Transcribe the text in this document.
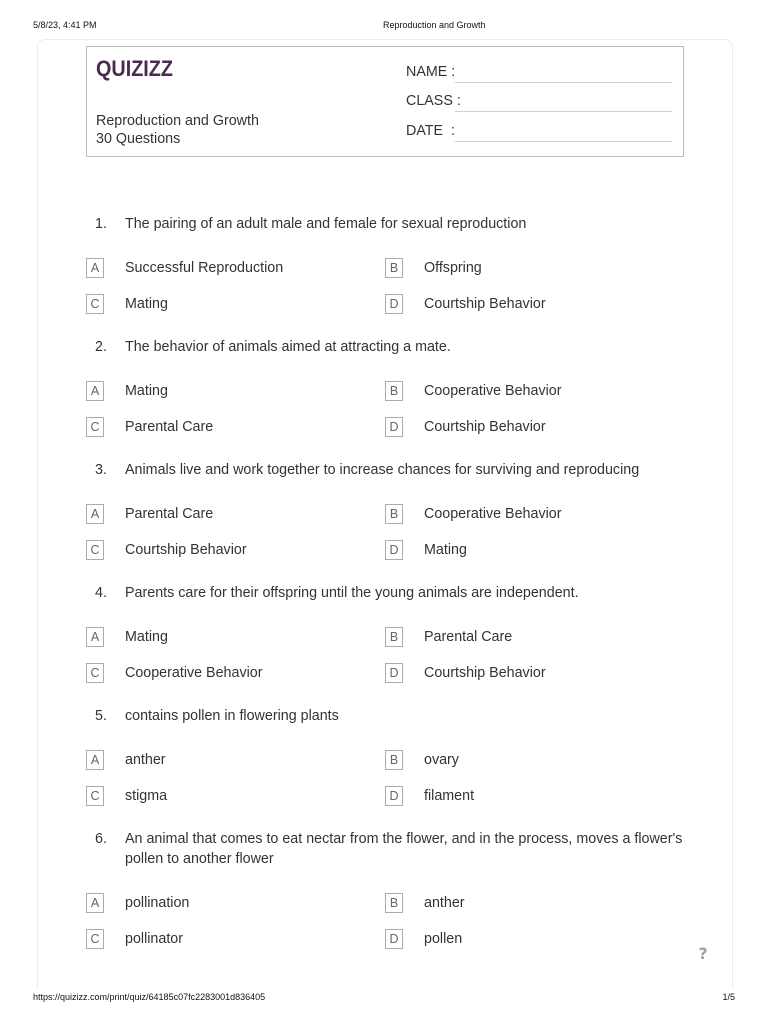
5/8/23, 4:41 PM	Reproduction and Growth
QUIZIZZ
Reproduction and Growth
30 Questions
NAME :
CLASS :
DATE  :
1. The pairing of an adult male and female for sexual reproduction
A	Successful Reproduction	B	Offspring
C	Mating	D	Courtship Behavior
2. The behavior of animals aimed at attracting a mate.
A	Mating	B	Cooperative Behavior
C	Parental Care	D	Courtship Behavior
3. Animals live and work together to increase chances for surviving and reproducing
A	Parental Care	B	Cooperative Behavior
C	Courtship Behavior	D	Mating
4. Parents care for their offspring until the young animals are independent.
A	Mating	B	Parental Care
C	Cooperative Behavior	D	Courtship Behavior
5. contains pollen in flowering plants
A	anther	B	ovary
C	stigma	D	filament
6. An animal that comes to eat nectar from the flower, and in the process, moves a flower's pollen to another flower
A	pollination	B	anther
C	pollinator	D	pollen
?
https://quizizz.com/print/quiz/64185c07fc2283001d836405	1/5
